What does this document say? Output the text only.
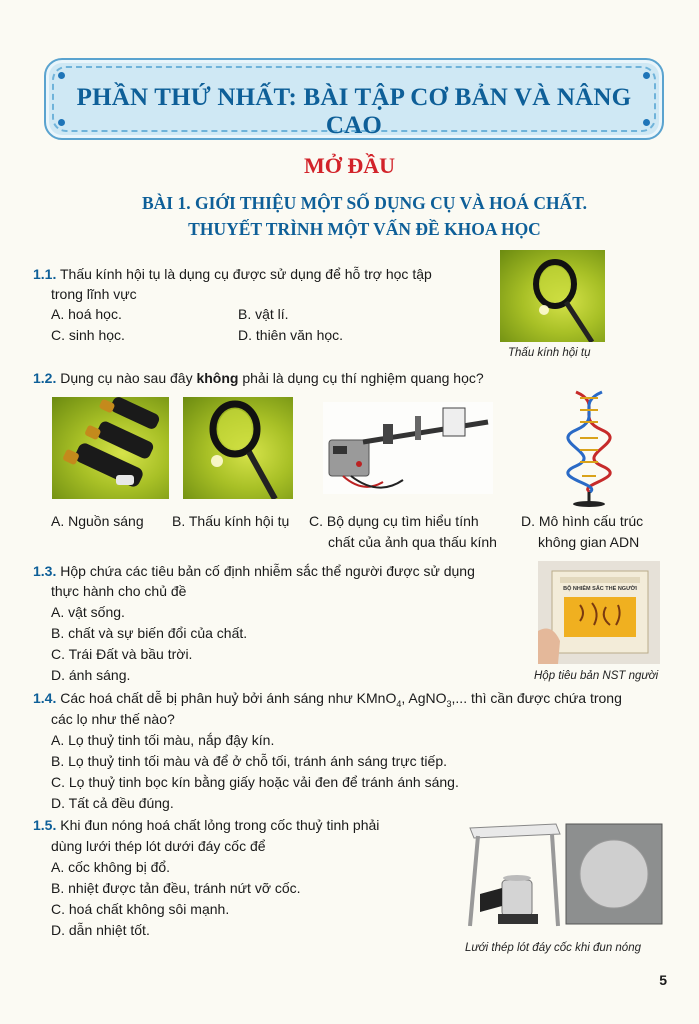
PHẦN THỨ NHẤT: BÀI TẬP CƠ BẢN VÀ NÂNG CAO
MỞ ĐẦU
BÀI 1. GIỚI THIỆU MỘT SỐ DỤNG CỤ VÀ HOÁ CHẤT.
THUYẾT TRÌNH MỘT VẤN ĐỀ KHOA HỌC
1.1. Thấu kính hội tụ là dụng cụ được sử dụng để hỗ trợ học tập
trong lĩnh vực
A. hoá học.	B. vật lí.
C. sinh học.	D. thiên văn học.
Thấu kính hội tụ
1.2. Dụng cụ nào sau đây không phải là dụng cụ thí nghiệm quang học?
A. Nguồn sáng B. Thấu kính hội tụ C. Bộ dụng cụ tìm hiểu tính
chất của ảnh qua thấu kính
D. Mô hình cấu trúc
không gian ADN
1.3. Hộp chứa các tiêu bản cố định nhiễm sắc thể người được sử dụng
thực hành cho chủ đề
A. vật sống.
B. chất và sự biến đổi của chất.
C. Trái Đất và bầu trời.
D. ánh sáng.
BỘ NHIỄM SẮC THỂ NGƯỜI
Hộp tiêu bản NST người
1.4. Các hoá chất dễ bị phân huỷ bởi ánh sáng như KMnO$_4$, AgNO$_3$,... thì cần được chứa trong
các lọ như thế nào?
A. Lọ thuỷ tinh tối màu, nắp đậy kín.
B. Lọ thuỷ tinh tối màu và để ở chỗ tối, tránh ánh sáng trực tiếp.
C. Lọ thuỷ tinh bọc kín bằng giấy hoặc vải đen để tránh ánh sáng.
D. Tất cả đều đúng.
1.5. Khi đun nóng hoá chất lỏng trong cốc thuỷ tinh phải
dùng lưới thép lót dưới đáy cốc để
A. cốc không bị đổ.
B. nhiệt được tản đều, tránh nứt vỡ cốc.
C. hoá chất không sôi mạnh.
D. dẫn nhiệt tốt.
Lưới thép lót đáy cốc khi đun nóng
5
